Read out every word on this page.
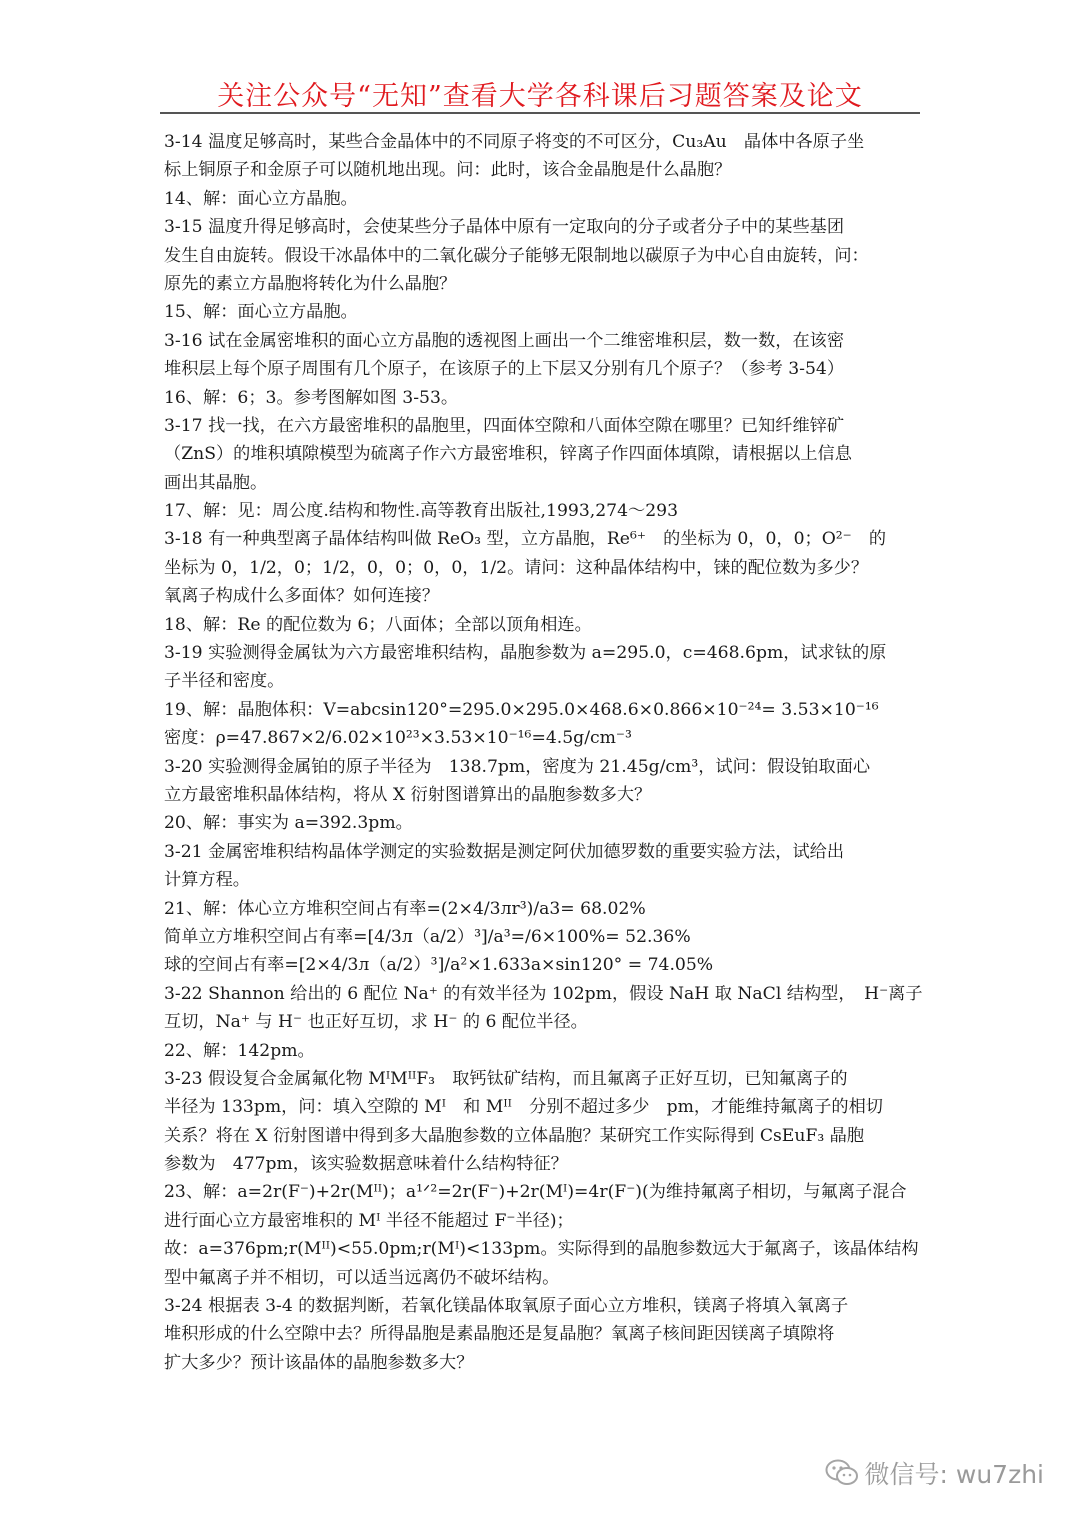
关注公众号“无知”查看大学各科课后习题答案及论文
3-14 温度足够高时，某些合金晶体中的不同原子将变的不可区分，Cu₃Au　晶体中各原子坐
标上铜原子和金原子可以随机地出现。问：此时，该合金晶胞是什么晶胞？
14、解：面心立方晶胞。
3-15 温度升得足够高时，会使某些分子晶体中原有一定取向的分子或者分子中的某些基团
发生自由旋转。假设干冰晶体中的二氧化碳分子能够无限制地以碳原子为中心自由旋转，问：
原先的素立方晶胞将转化为什么晶胞？
15、解：面心立方晶胞。
3-16 试在金属密堆积的面心立方晶胞的透视图上画出一个二维密堆积层，数一数，在该密
堆积层上每个原子周围有几个原子，在该原子的上下层又分别有几个原子？（参考 3-54）
16、解：6；3。参考图解如图 3-53。
3-17 找一找，在六方最密堆积的晶胞里，四面体空隙和八面体空隙在哪里？已知纤维锌矿
（ZnS）的堆积填隙模型为硫离子作六方最密堆积，锌离子作四面体填隙，请根据以上信息
画出其晶胞。
17、解：见：周公度.结构和物性.高等教育出版社,1993,274～293
3-18 有一种典型离子晶体结构叫做 ReO₃ 型，立方晶胞，Re⁶⁺　的坐标为 0，0，0；O²⁻　的
坐标为 0，1/2，0；1/2，0，0；0，0，1/2。请问：这种晶体结构中，铼的配位数为多少？
氧离子构成什么多面体？如何连接？
18、解：Re 的配位数为 6；八面体；全部以顶角相连。
3-19 实验测得金属钛为六方最密堆积结构，晶胞参数为 a=295.0，c=468.6pm，试求钛的原
子半径和密度。
19、解：晶胞体积：V=abcsin120°=295.0×295.0×468.6×0.866×10⁻²⁴= 3.53×10⁻¹⁶
密度：ρ=47.867×2/6.02×10²³×3.53×10⁻¹⁶=4.5g/cm⁻³
3-20 实验测得金属铂的原子半径为　138.7pm，密度为 21.45g/cm³，试问：假设铂取面心
立方最密堆积晶体结构，将从 X 衍射图谱算出的晶胞参数多大？
20、解：事实为 a=392.3pm。
3-21 金属密堆积结构晶体学测定的实验数据是测定阿伏加德罗数的重要实验方法，试给出
计算方程。
21、解：体心立方堆积空间占有率=(2×4/3лr³)/a3= 68.02%
简单立方堆积空间占有率=[4/3л（a/2）³]/a³=/6×100%= 52.36%
球的空间占有率=[2×4/3л（a/2）³]/a²×1.633a×sin120° = 74.05%
3-22 Shannon 给出的 6 配位 Na⁺ 的有效半径为 102pm，假设 NaH 取 NaCl 结构型，　H⁻离子
互切，Na⁺ 与 H⁻ 也正好互切，求 H⁻ 的 6 配位半径。
22、解：142pm。
3-23 假设复合金属氟化物 MᴵMᴵᴵF₃　取钙钛矿结构，而且氟离子正好互切，已知氟离子的
半径为 133pm，问：填入空隙的 Mᴵ　和 Mᴵᴵ　分别不超过多少　pm，才能维持氟离子的相切
关系？将在 X 衍射图谱中得到多大晶胞参数的立体晶胞？某研究工作实际得到 CsEuF₃ 晶胞
参数为　477pm，该实验数据意味着什么结构特征？
23、解：a=2r(F⁻)+2r(Mᴵᴵ)；a¹ᐟ²=2r(F⁻)+2r(Mᴵ)=4r(F⁻)(为维持氟离子相切，与氟离子混合
进行面心立方最密堆积的 Mᴵ 半径不能超过 F⁻半径)；
故：a=376pm;r(Mᴵᴵ)<55.0pm;r(Mᴵ)<133pm。实际得到的晶胞参数远大于氟离子，该晶体结构
型中氟离子并不相切，可以适当远离仍不破坏结构。
3-24 根据表 3-4 的数据判断，若氧化镁晶体取氧原子面心立方堆积，镁离子将填入氧离子
堆积形成的什么空隙中去？所得晶胞是素晶胞还是复晶胞？氧离子核间距因镁离子填隙将
扩大多少？预计该晶体的晶胞参数多大？
微信号: wu7zhi
